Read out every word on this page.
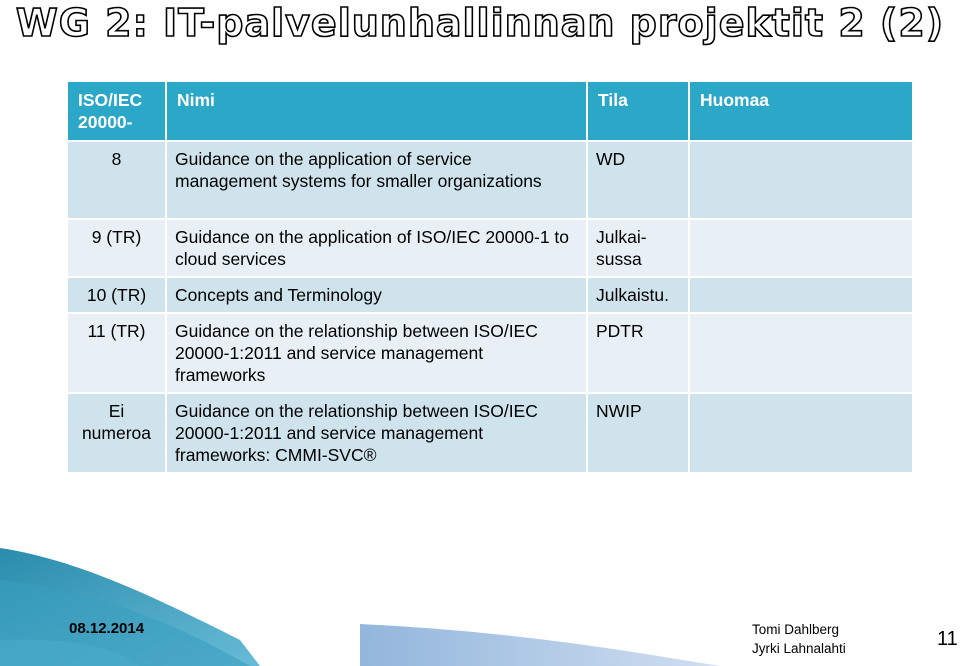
WG 2: IT-palvelunhallinnan projektit 2 (2)
ISO/IEC 20000-	Nimi	Tila	Huomaa
8	Guidance on the application of service management systems for smaller organizations	WD	
9 (TR)	Guidance on the application of ISO/IEC 20000-1 to cloud services	Julkai-sussa	
10 (TR)	Concepts and Terminology	Julkaistu.	
11 (TR)	Guidance on the relationship between ISO/IEC 20000-1:2011 and service management frameworks	PDTR	
Ei numeroa	Guidance on the relationship between ISO/IEC 20000-1:2011 and service management frameworks: CMMI-SVC®	NWIP	
08.12.2014	Tomi Dahlberg
Jyrki Lahnalahti	11
